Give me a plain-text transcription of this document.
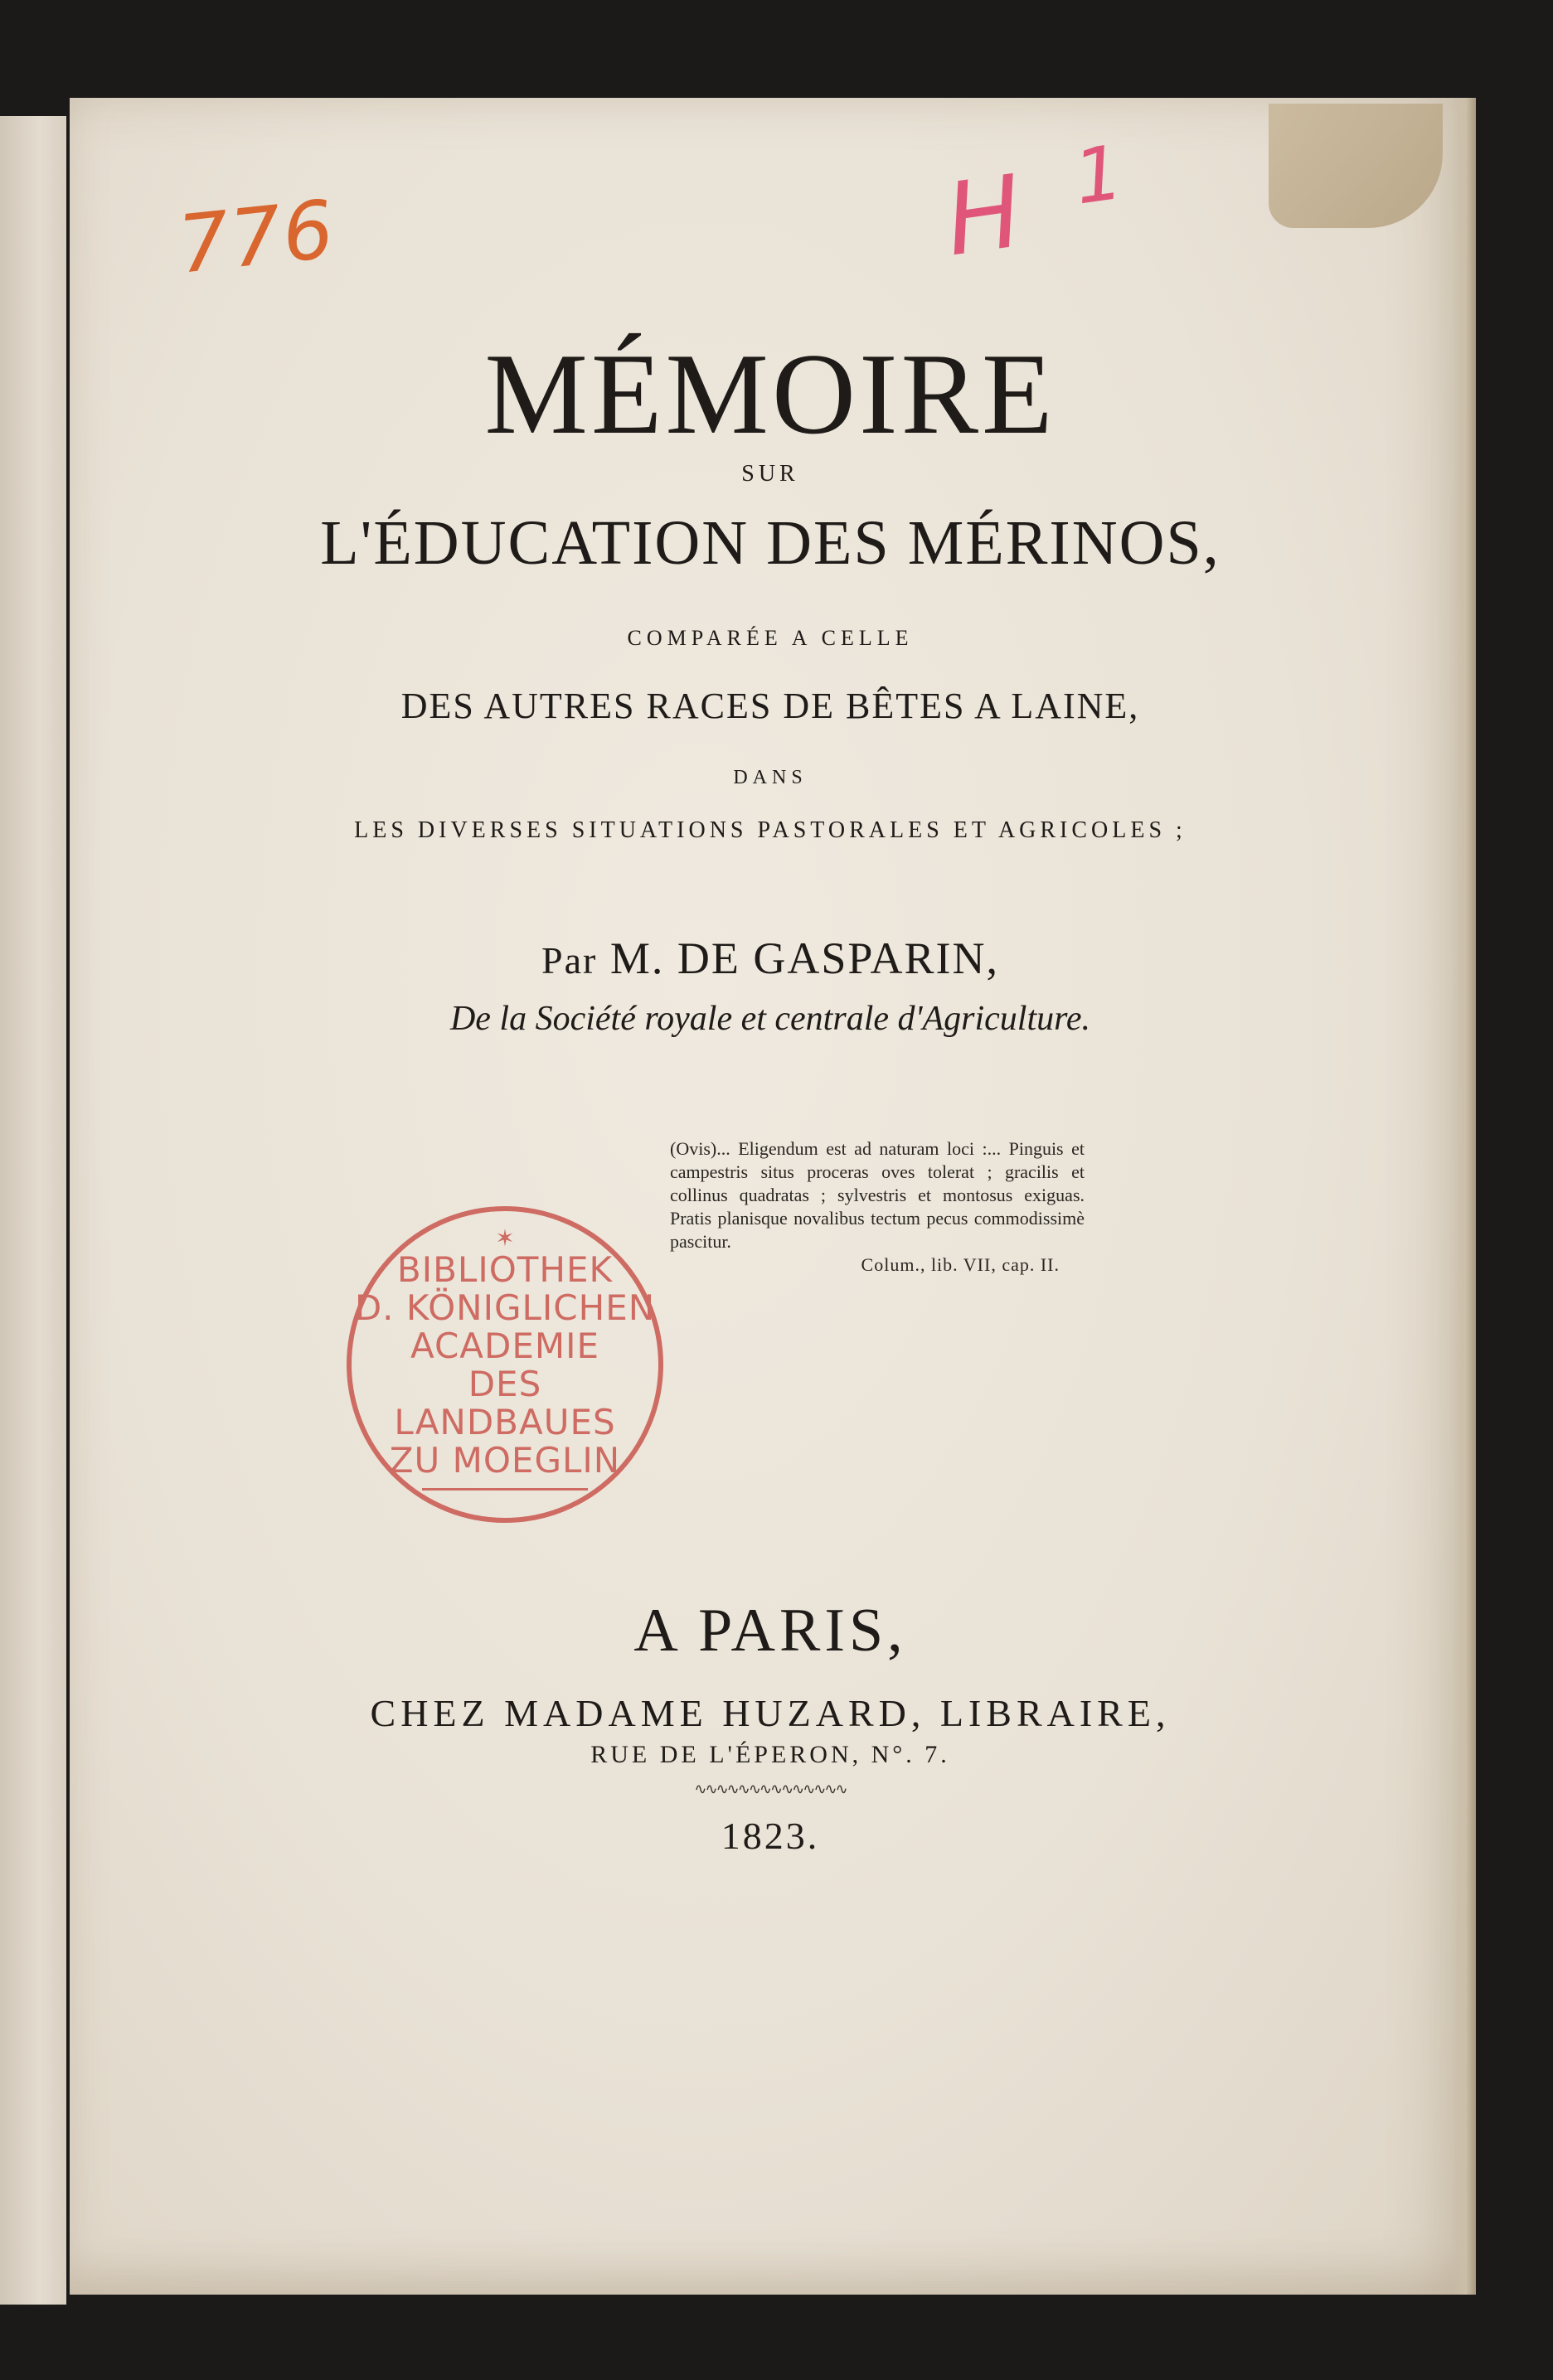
776	H $^1$
MÉMOIRE
SUR
L'ÉDUCATION DES MÉRINOS,
COMPARÉE A CELLE
DES AUTRES RACES DE BÊTES A LAINE,
DANS
LES DIVERSES SITUATIONS PASTORALES ET AGRICOLES ;
Par M. DE GASPARIN,
De la Société royale et centrale d'Agriculture.
(Ovis)... Eligendum est ad naturam loci :... Pinguis et campestris situs proceras oves tolerat ; gracilis et collinus quadratas ; sylvestris et montosus exiguas. Pratis planisque novalibus tectum pecus commodissimè pascitur.
Colum., lib. VII, cap. II.
✶
BIBLIOTHEK
D. KÖNIGLICHEN
ACADEMIE
DES LANDBAUES
ZU MOEGLIN
A PARIS,
CHEZ MADAME HUZARD, LIBRAIRE,
RUE DE L'ÉPERON, N°. 7.
∿∿∿∿∿∿∿∿∿∿∿∿∿∿
1823.
